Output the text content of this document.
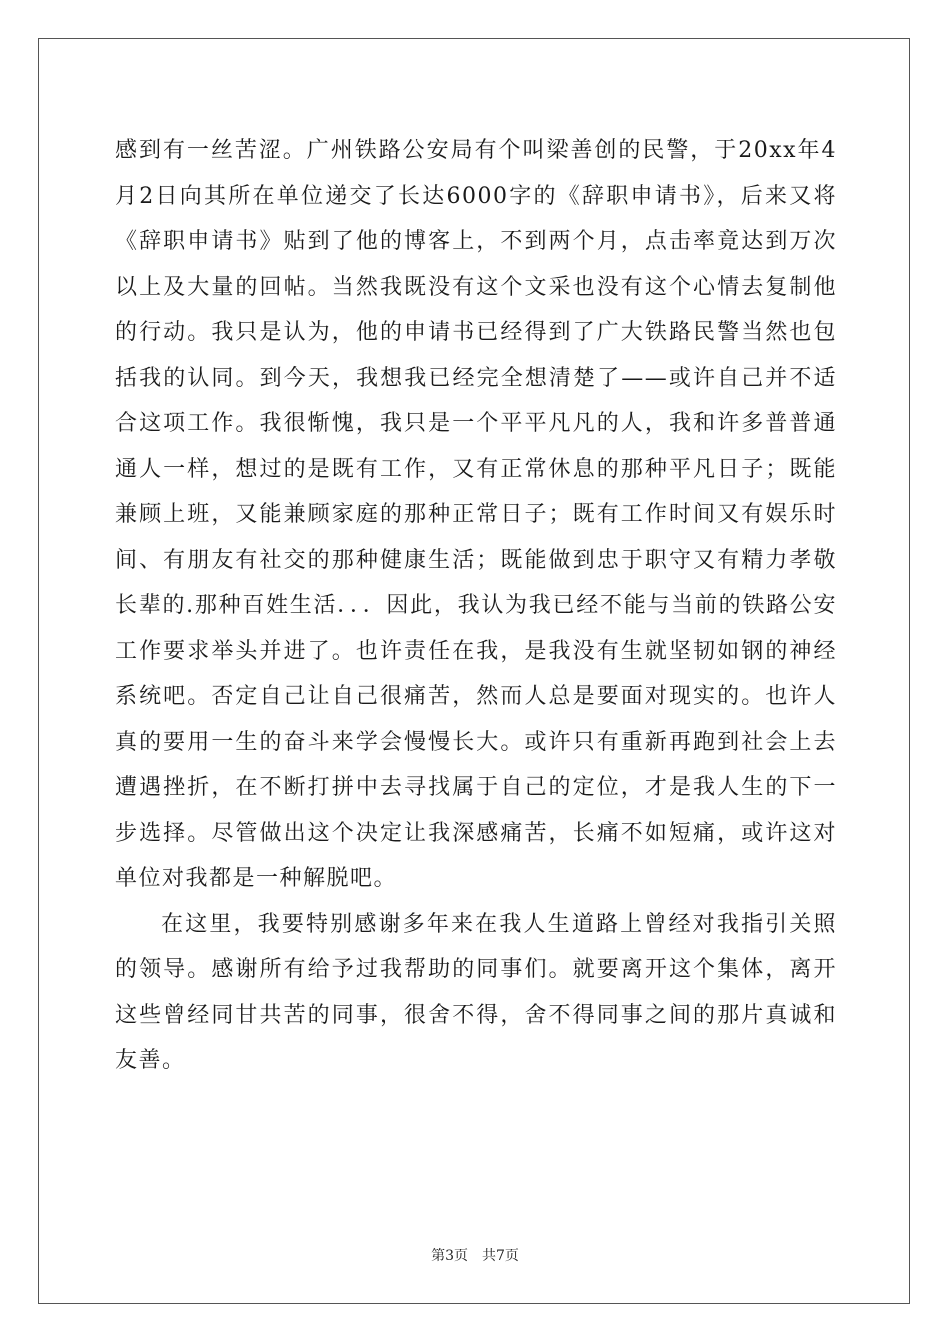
感到有一丝苦涩。广州铁路公安局有个叫梁善创的民警，于20xx年4月2日向其所在单位递交了长达6000字的《辞职申请书》，后来又将《辞职申请书》贴到了他的博客上，不到两个月，点击率竟达到万次以上及大量的回帖。当然我既没有这个文采也没有这个心情去复制他的行动。我只是认为，他的申请书已经得到了广大铁路民警当然也包括我的认同。到今天，我想我已经完全想清楚了——或许自己并不适合这项工作。我很惭愧，我只是一个平平凡凡的人，我和许多普普通通人一样，想过的是既有工作，又有正常休息的那种平凡日子；既能兼顾上班，又能兼顾家庭的那种正常日子；既有工作时间又有娱乐时间、有朋友有社交的那种健康生活；既能做到忠于职守又有精力孝敬长辈的.那种百姓生活．．．因此，我认为我已经不能与当前的铁路公安工作要求举头并进了。也许责任在我，是我没有生就坚韧如钢的神经系统吧。否定自己让自己很痛苦，然而人总是要面对现实的。也许人真的要用一生的奋斗来学会慢慢长大。或许只有重新再跑到社会上去遭遇挫折，在不断打拼中去寻找属于自己的定位，才是我人生的下一步选择。尽管做出这个决定让我深感痛苦，长痛不如短痛，或许这对单位对我都是一种解脱吧。

在这里，我要特别感谢多年来在我人生道路上曾经对我指引关照的领导。感谢所有给予过我帮助的同事们。就要离开这个集体，离开这些曾经同甘共苦的同事，很舍不得，舍不得同事之间的那片真诚和友善。

第3页　共7页
